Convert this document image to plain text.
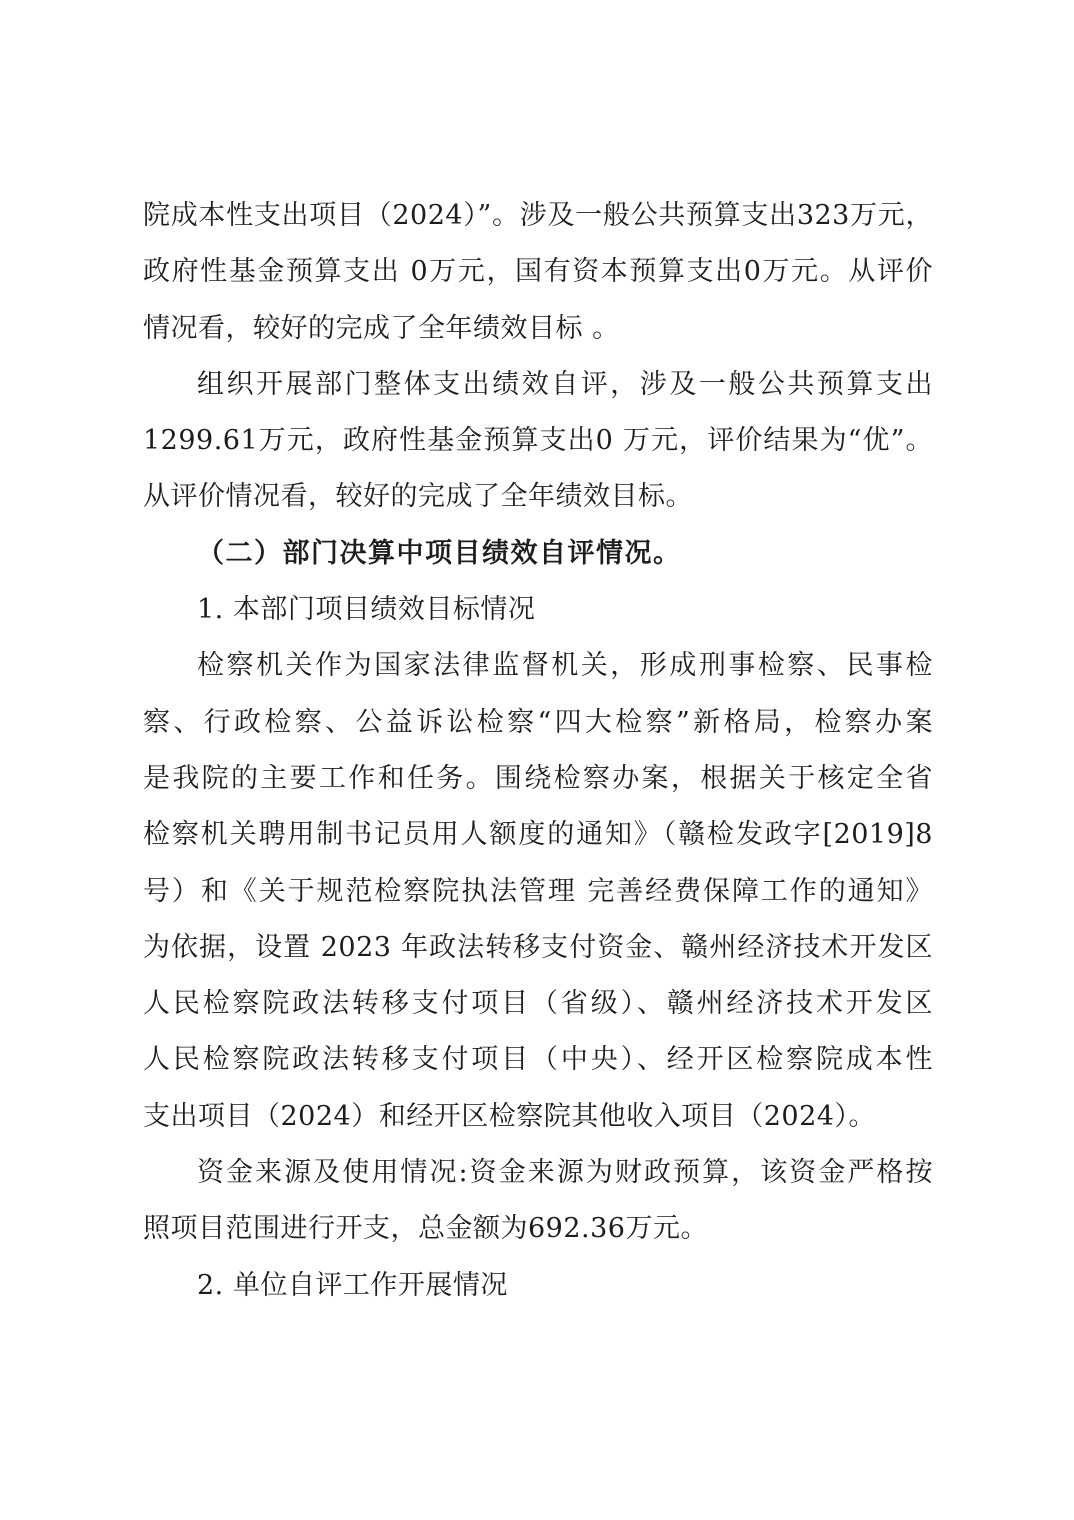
院成本性支出项目（2024）”。涉及一般公共预算支出323万元，
政府性基金预算支出 0万元，国有资本预算支出0万元。从评价
情况看，较好的完成了全年绩效目标 。
组织开展部门整体支出绩效自评，涉及一般公共预算支出
1299.61万元，政府性基金预算支出0 万元，评价结果为“优”。
从评价情况看，较好的完成了全年绩效目标。
（二）部门决算中项目绩效自评情况。
1. 本部门项目绩效目标情况
检察机关作为国家法律监督机关，形成刑事检察、民事检
察、行政检察、公益诉讼检察“四大检察”新格局，检察办案
是我院的主要工作和任务。围绕检察办案，根据关于核定全省
检察机关聘用制书记员用人额度的通知》（赣检发政字[2019]8
号）和《关于规范检察院执法管理 完善经费保障工作的通知》
为依据，设置 2023 年政法转移支付资金、赣州经济技术开发区
人民检察院政法转移支付项目（省级）、赣州经济技术开发区
人民检察院政法转移支付项目（中央）、经开区检察院成本性
支出项目（2024）和经开区检察院其他收入项目（2024）。
资金来源及使用情况:资金来源为财政预算，该资金严格按
照项目范围进行开支，总金额为692.36万元。
2. 单位自评工作开展情况
